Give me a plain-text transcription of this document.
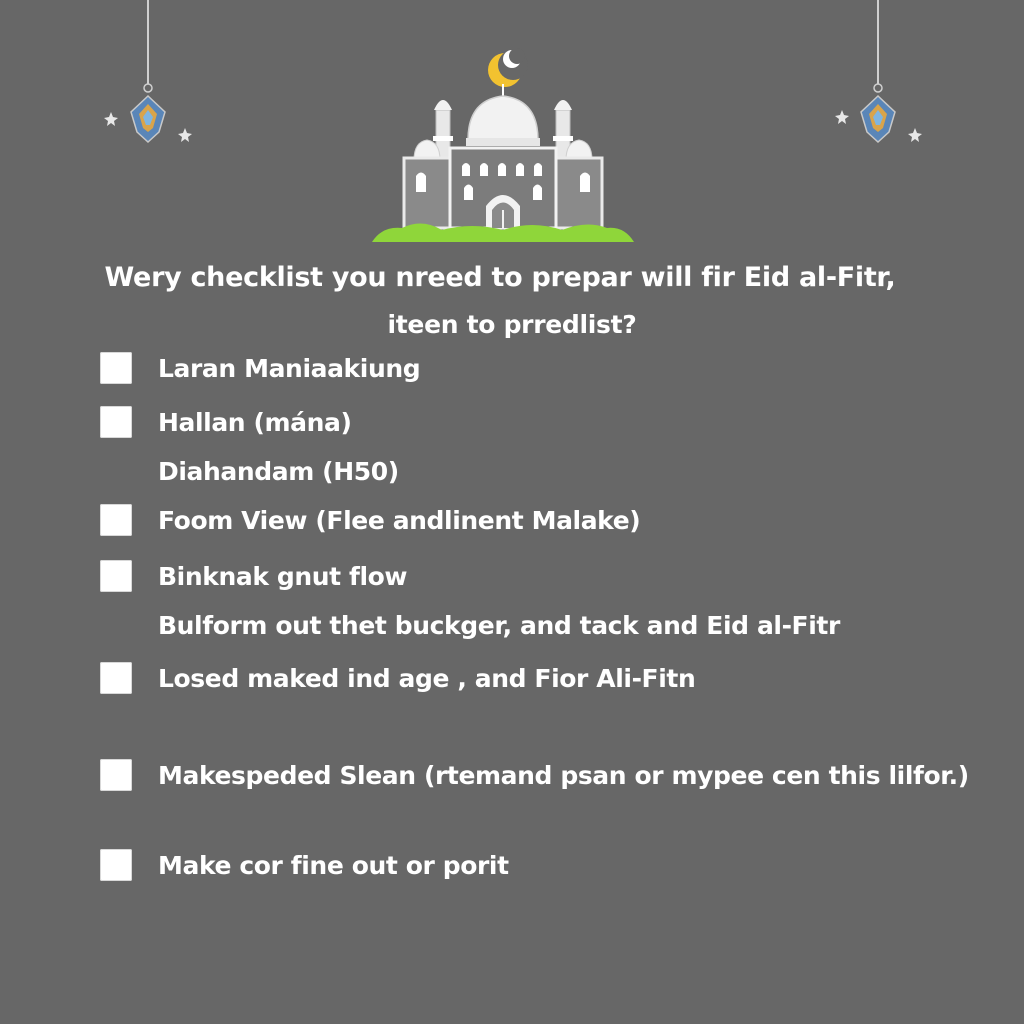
Wery checklist you nreed to prepar will fir Eid al-Fitr,
iteen to prredlist?
Laran Maniaakiung
Hallan (mána)
Diahandam (H50)
Foom View (Flee andlinent Malake)
Binknak gnut flow
Bulform out thet buckger, and tack and Eid al-Fitr
Losed maked ind age , and Fior Ali-Fitn
Makespeded Slean (rtemand psan or mypee cen this lilfor.)
Make cor fine out or porit
